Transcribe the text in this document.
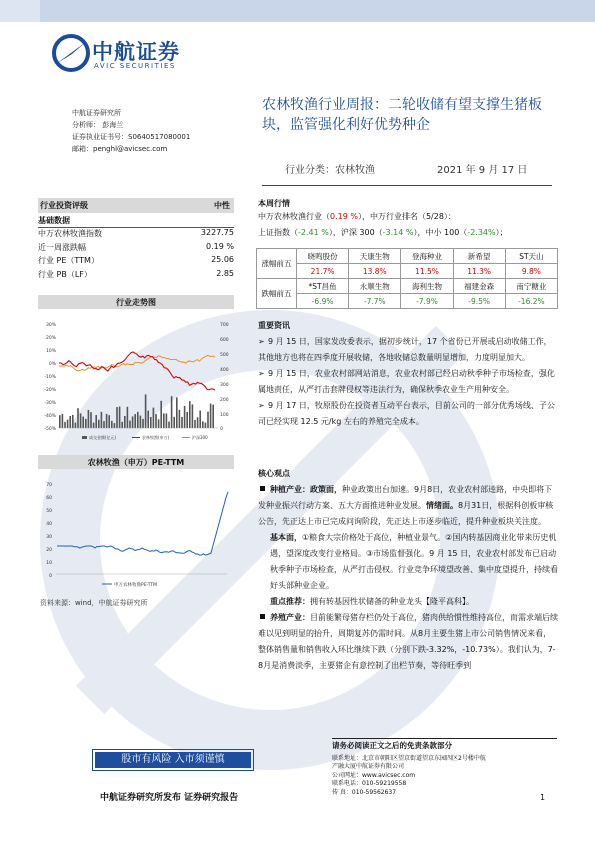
中航证券
AVIC SECURITIES
中航证券研究所
分析师： 彭海兰
证券执业证书号：S0640517080001
邮箱：penghl@avicsec.com
农林牧渔行业周报：二轮收储有望支撑生猪板块，监管强化利好优势种企
行业分类：农林牧渔	2021 年 9 月 17 日
行业投资评级	中性
基础数据
中万农林牧渔指数	3227.75
近一周涨跌幅	0.19 %
行业 PE（TTM）	25.06
行业 PB（LF）	2.85
行业走势图
30%
20%
10%
0%
-10%
-20%
-30%
-40%
-50%
700
600
500
400
300
200
100
0
成交金额(亿元)	农林牧渔(申万)	沪深300
农林牧渔（申万）PE-TTM
70
60
50
40
30
20
10
0
申万农林牧渔PE-TTM
资料来源：wind，中航证券研究所
本周行情
中万农林牧渔行业（0.19 %），中万行业排名（5/28）：
上证指数（-2.41 %），沪深 300（-3.14 %），中小 100（-2.34%）；
涨幅前五	晓鸣股份	天康生物	登海种业	新希望	ST天山
	21.7%	13.8%	11.5%	11.3%	9.8%
跌幅前五	*ST昌鱼	永顺生物	海利生物	福建金森	南宁糖业
	-6.9%	-7.7%	-7.9%	-9.5%	-16.2%
重要资讯

➢ 9 月 15 日，国家发改委表示，据初步统计，17 个省份已开展或启动收储工作，其他地方也将在四季度开展收储，各地收储总数量明显增加，力度明显加大。

➢ 9 月 15 日，农业农村部网站消息，农业农村部已经启动秋季种子市场检查，强化属地责任，从严打击套牌侵权等违法行为，确保秋季农业生产用种安全。

➢ 9 月 17 日，牧原股份在投资者互动平台表示，目前公司的一部分优秀场线、子公司已经实现 12.5 元/kg 左右的养殖完全成本。

核心观点

种植产业：政策面，种业政策出台加速。9月8日，农业农村部逵路，中央即将下发种业振兴行动方案、五大方面推进种业发展。情绪面。8月31日，根据科创板审核公告，先正达上市已完成问询阶段，先正达上市逐步临近，提升种业板块关注度。

基本面，①粮食大宗价格处于高位，种植业景气。②国内转基因商业化带来历史机遇，望深度改变行业格局。③市场监督强化。9 月 15 日，农业农村部发布已启动秋季种子市场检查，从严打击侵权。行业竞争环境望改善、集中度望提升，持续看好头部种业企业。

重点推荐：拥有转基因性状储备的种业龙头【隆平高科】。

养殖产业：目前能繁母猪存栏仍处于高位，猪肉供给惯性维持高位，而需求端后续难以见到明显的抬升，周期复苏仍需时间。从8月主要生猪上市公司销售情况来看，整体销售量和销售收入环比继续下跌（分别下跌-3.32%，-10.73%）。我们认为，7-8月是消费淡季，主要猪企有意控制了出栏节奏，等待旺季到

股市有风险 入市须谨慎
中航证券研究所发布 证券研究报告
请务必阅读正文之后的免责条款部分
联系地址：北京市朝阳区望京街道望京东园四区2号楼中航
产融大厦中航证券有限公司
公司网址：www.avicsec.com
联系电话：010-59219558
传 真：010-59562637
1
